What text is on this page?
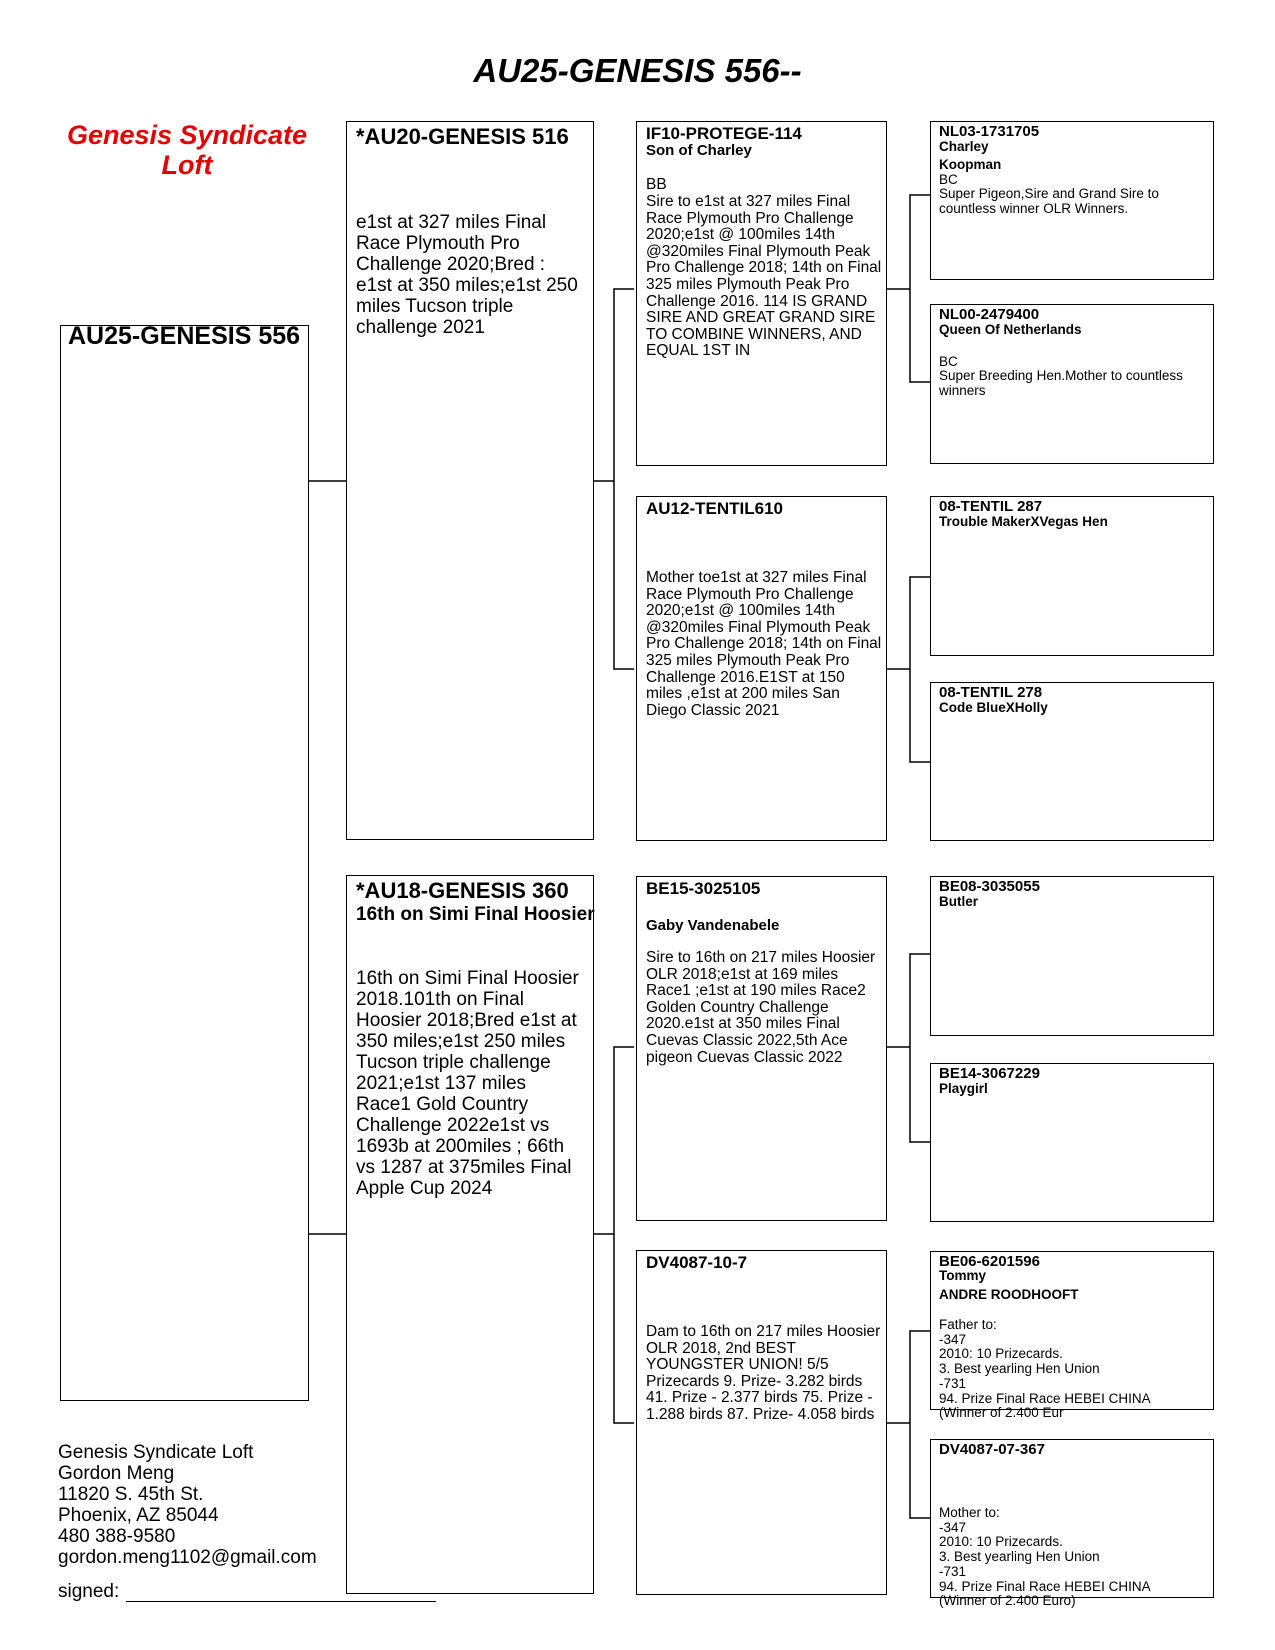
AU25-GENESIS 556--
Genesis Syndicate Loft
AU25-GENESIS 556
*AU20-GENESIS 516
e1st at 327 miles Final Race Plymouth Pro Challenge 2020;Bred : e1st at 350 miles;e1st 250 miles Tucson triple challenge 2021
*AU18-GENESIS 360
16th on Simi Final Hoosier
16th on Simi Final Hoosier 2018.101th on Final Hoosier 2018;Bred e1st at 350 miles;e1st 250 miles Tucson triple challenge 2021;e1st 137 miles Race1 Gold Country Challenge 2022e1st vs 1693b at 200miles ; 66th vs 1287 at 375miles Final Apple Cup 2024
IF10-PROTEGE-114
Son of Charley
BB
Sire to e1st at 327 miles Final Race Plymouth Pro Challenge 2020;e1st @ 100miles 14th @320miles Final Plymouth Peak Pro Challenge 2018; 14th on Final 325 miles Plymouth Peak Pro Challenge 2016. 114 IS GRAND SIRE AND GREAT GRAND SIRE TO COMBINE WINNERS, AND EQUAL 1ST IN
AU12-TENTIL610
Mother toe1st at 327 miles Final Race Plymouth Pro Challenge 2020;e1st @ 100miles 14th @320miles Final Plymouth Peak Pro Challenge 2018; 14th on Final 325 miles Plymouth Peak Pro Challenge 2016.E1ST at 150 miles ,e1st at 200 miles San Diego Classic 2021
BE15-3025105
Gaby Vandenabele
Sire to 16th on 217 miles Hoosier OLR 2018;e1st at 169 miles Race1 ;e1st at 190 miles Race2 Golden Country Challenge 2020.e1st at 350 miles Final Cuevas Classic 2022,5th Ace pigeon Cuevas Classic 2022
DV4087-10-7
Dam to 16th on 217 miles Hoosier OLR 2018, 2nd BEST YOUNGSTER UNION! 5/5 Prizecards 9. Prize- 3.282 birds 41. Prize - 2.377 birds 75. Prize - 1.288 birds 87. Prize- 4.058 birds
NL03-1731705
Charley
Koopman
BC
Super Pigeon,Sire and Grand Sire to countless winner OLR Winners.
NL00-2479400
Queen Of Netherlands
BC
Super Breeding Hen.Mother to countless winners
08-TENTIL 287
Trouble MakerXVegas Hen
08-TENTIL 278
Code BlueXHolly
BE08-3035055
Butler
BE14-3067229
Playgirl
BE06-6201596
Tommy
ANDRE ROODHOOFT
Father to:
-347
2010: 10 Prizecards.
3. Best yearling Hen Union
-731
94. Prize Final Race HEBEI CHINA
(Winner of 2.400 Eur
DV4087-07-367
Mother to:
-347
2010: 10 Prizecards.
3. Best yearling Hen Union
-731
94. Prize Final Race HEBEI CHINA
(Winner of 2.400 Euro)
Genesis Syndicate Loft
Gordon Meng
11820 S. 45th St.
Phoenix, AZ 85044
480 388-9580
gordon.meng1102@gmail.com
signed:
